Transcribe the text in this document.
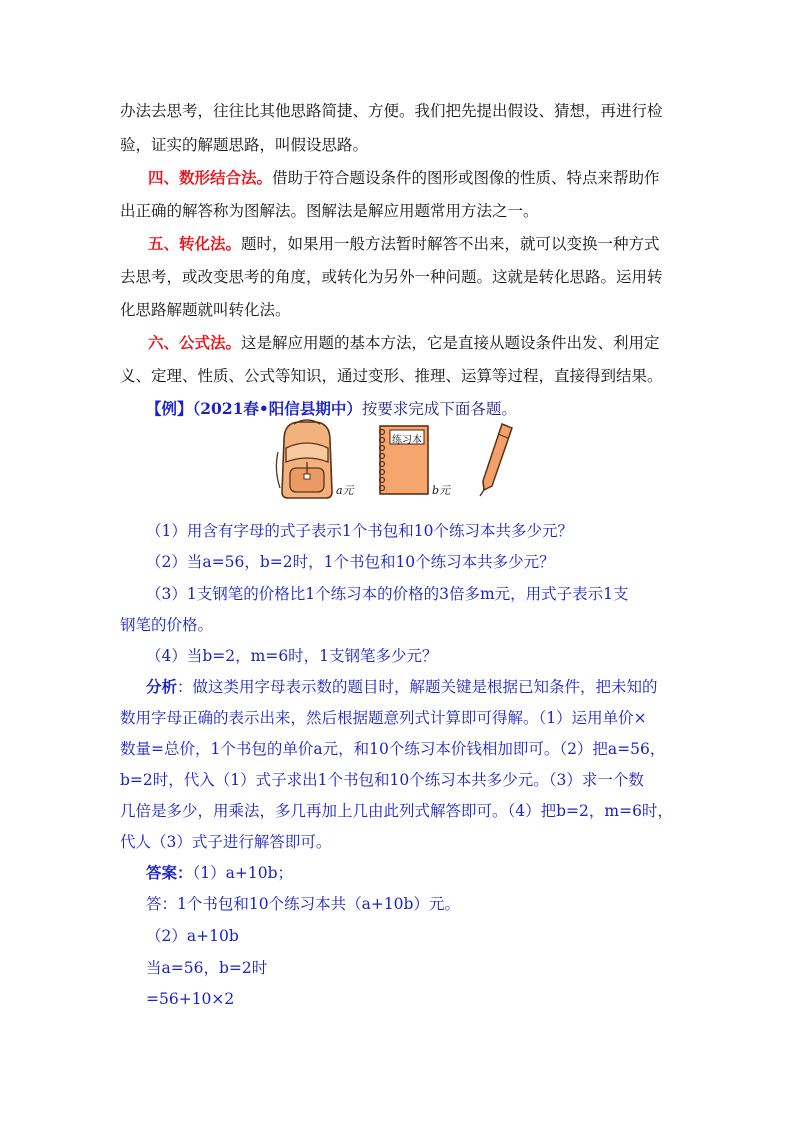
办法去思考，往往比其他思路简捷、方便。我们把先提出假设、猜想，再进行检
验，证实的解题思路，叫假设思路。
四、数形结合法。借助于符合题设条件的图形或图像的性质、特点来帮助作
出正确的解答称为图解法。图解法是解应用题常用方法之一。
五、转化法。题时，如果用一般方法暂时解答不出来，就可以变换一种方式
去思考，或改变思考的角度，或转化为另外一种问题。这就是转化思路。运用转
化思路解题就叫转化法。
六、公式法。这是解应用题的基本方法，它是直接从题设条件出发、利用定
义、定理、性质、公式等知识，通过变形、推理、运算等过程，直接得到结果。
【例】（2021春•阳信县期中）按要求完成下面各题。
a元	b元
练习本
（1）用含有字母的式子表示1个书包和10个练习本共多少元？
（2）当a=56，b=2时，1个书包和10个练习本共多少元？
（3）1支钢笔的价格比1个练习本的价格的3倍多m元，用式子表示1支
钢笔的价格。
（4）当b=2，m=6时，1支钢笔多少元？
分析：做这类用字母表示数的题目时，解题关键是根据已知条件，把未知的
数用字母正确的表示出来，然后根据题意列式计算即可得解。（1）运用单价×
数量=总价，1个书包的单价a元，和10个练习本价钱相加即可。（2）把a=56，
b=2时，代入（1）式子求出1个书包和10个练习本共多少元。（3）求一个数
几倍是多少，用乘法，多几再加上几由此列式解答即可。（4）把b=2，m=6时，
代人（3）式子进行解答即可。
答案：（1）a+10b；
答：1个书包和10个练习本共（a+10b）元。
（2）a+10b
当a=56，b=2时
=56+10×2
